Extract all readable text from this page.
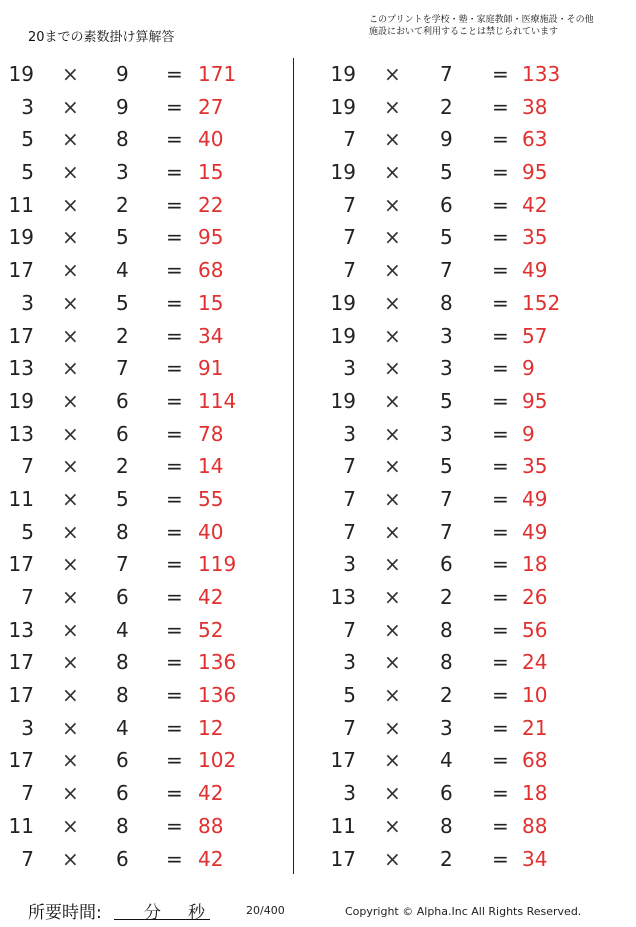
20までの素数掛け算解答
このプリントを学校・塾・家庭教師・医療施設・その他
施設において利用することは禁じられています
19 × 9 = 171
3 × 9 = 27
5 × 8 = 40
5 × 3 = 15
11 × 2 = 22
19 × 5 = 95
17 × 4 = 68
3 × 5 = 15
17 × 2 = 34
13 × 7 = 91
19 × 6 = 114
13 × 6 = 78
7 × 2 = 14
11 × 5 = 55
5 × 8 = 40
17 × 7 = 119
7 × 6 = 42
13 × 4 = 52
17 × 8 = 136
17 × 8 = 136
3 × 4 = 12
17 × 6 = 102
7 × 6 = 42
11 × 8 = 88
7 × 6 = 42
19 × 7 = 133
19 × 2 = 38
7 × 9 = 63
19 × 5 = 95
7 × 6 = 42
7 × 5 = 35
7 × 7 = 49
19 × 8 = 152
19 × 3 = 57
3 × 3 = 9
19 × 5 = 95
3 × 3 = 9
7 × 5 = 35
7 × 7 = 49
7 × 7 = 49
3 × 6 = 18
13 × 2 = 26
7 × 8 = 56
3 × 8 = 24
5 × 2 = 10
7 × 3 = 21
17 × 4 = 68
3 × 6 = 18
11 × 8 = 88
17 × 2 = 34
所要時間: 分 秒	20/400	Copyright © Alpha.Inc All Rights Reserved.
